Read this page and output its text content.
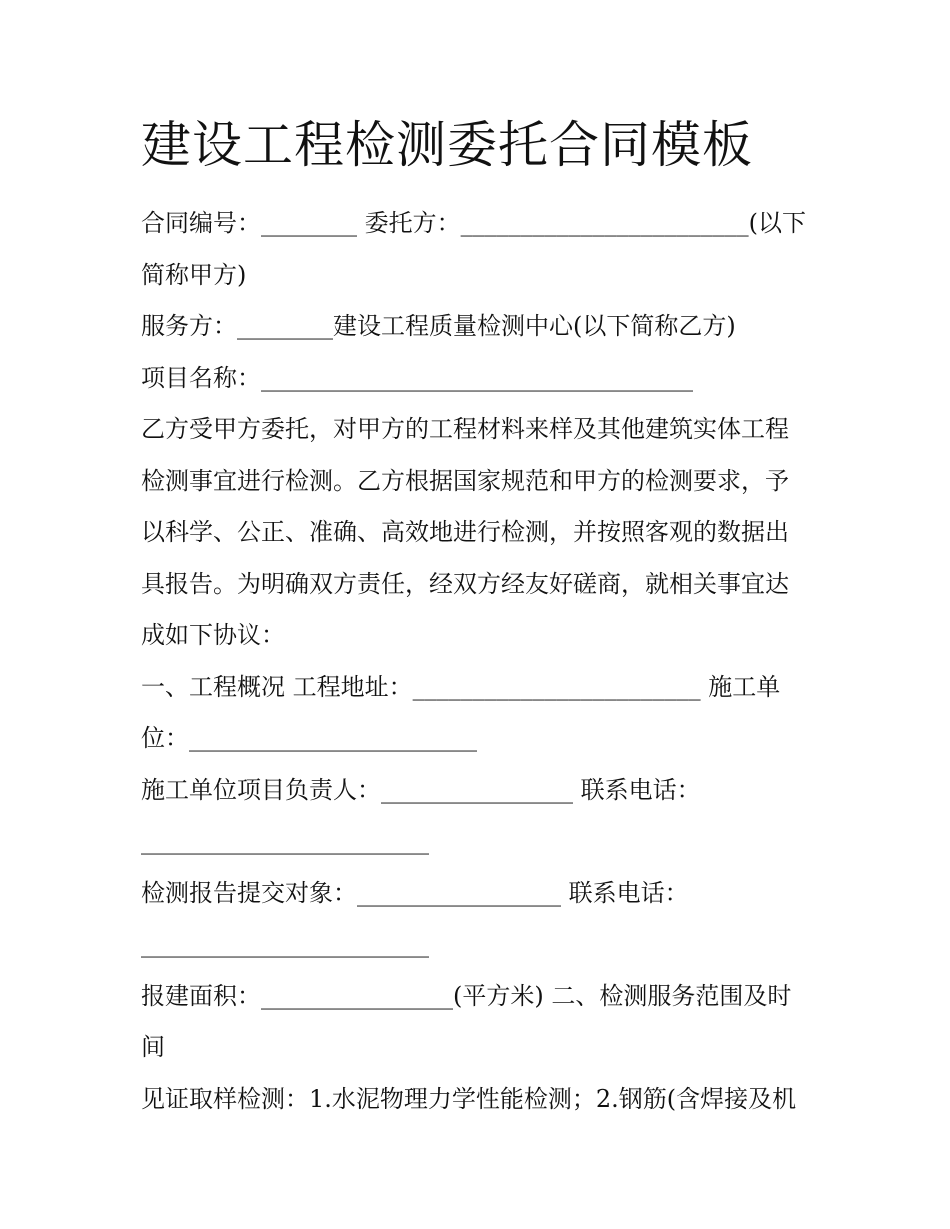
建设工程检测委托合同模板
合同编号：________ 委托方：________________________(以下
简称甲方)
服务方：________建设工程质量检测中心(以下简称乙方)
项目名称：____________________________________
乙方受甲方委托，对甲方的工程材料来样及其他建筑实体工程
检测事宜进行检测。乙方根据国家规范和甲方的检测要求，予
以科学、公正、准确、高效地进行检测，并按照客观的数据出
具报告。为明确双方责任，经双方经友好磋商，就相关事宜达
成如下协议：
一、工程概况 工程地址：________________________ 施工单
位：________________________
施工单位项目负责人：________________ 联系电话：
________________________
检测报告提交对象：_________________ 联系电话：
________________________
报建面积：________________(平方米) 二、检测服务范围及时
间
见证取样检测：1.水泥物理力学性能检测；2.钢筋(含焊接及机
